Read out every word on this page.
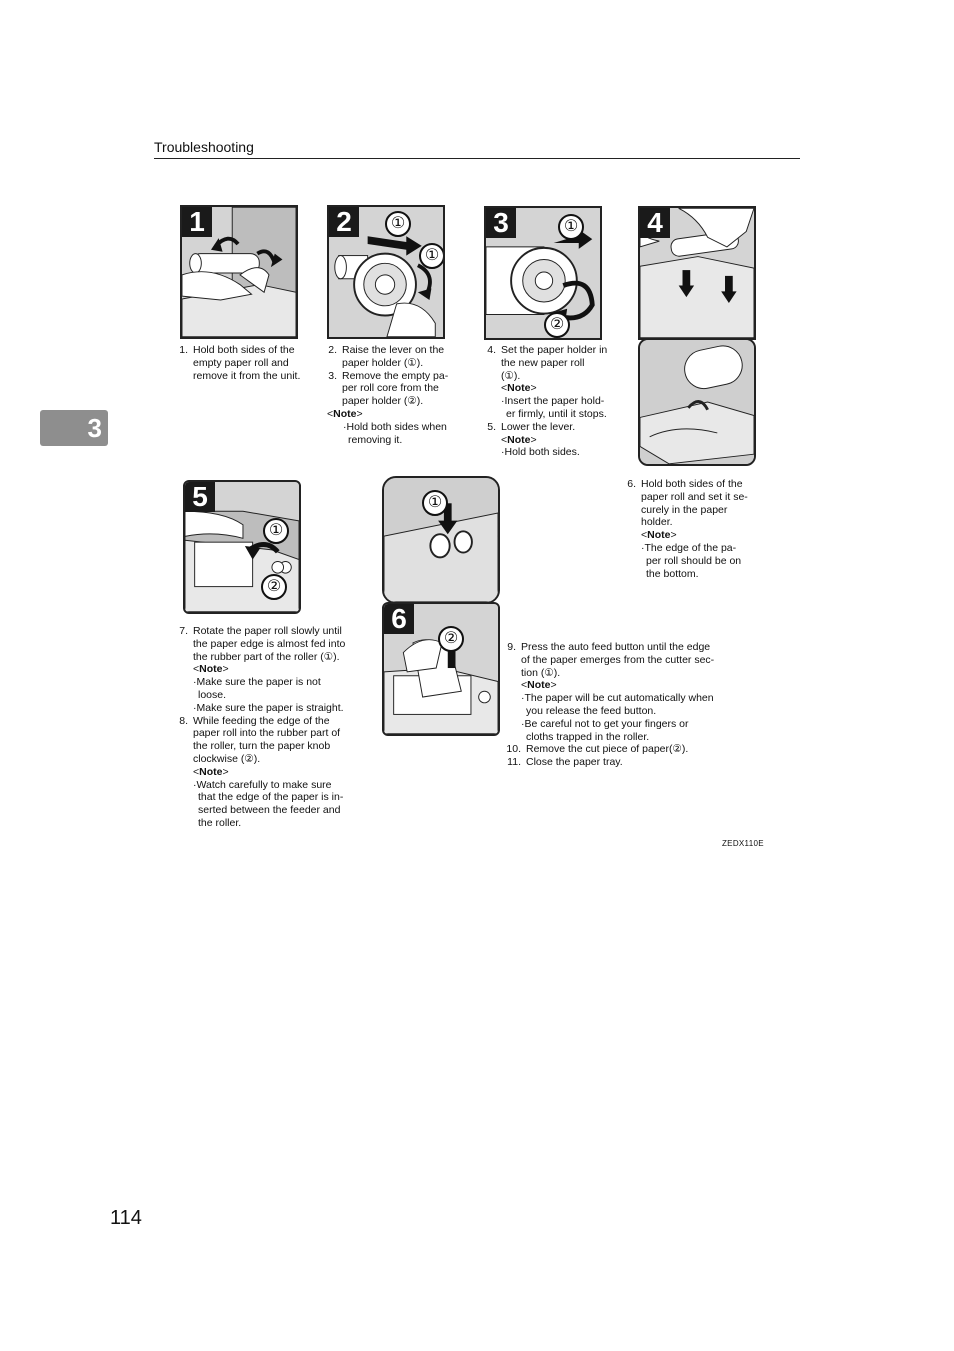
Troubleshooting
3
1	2	①
①
3	①
②
4
5
①
②
①
6
②
1. Hold both sides of the
empty paper roll and
remove it from the unit.
2. Raise the lever on the
paper holder (①).
3. Remove the empty pa-
per roll core from the
paper holder (②).
<Note>
·Hold both sides when
removing it.
4. Set the paper holder in
the new paper roll
(①).
<Note>
·Insert the paper hold-
er firmly, until it stops.
5. Lower the lever.
<Note>
·Hold both sides.
6. Hold both sides of the
paper roll and set it se-
curely in the paper
holder.
<Note>
·The edge of the pa-
per roll should be on
the bottom.
7. Rotate the paper roll slowly until
the paper edge is almost fed into
the rubber part of the roller (①).
<Note>
·Make sure the paper is not
loose.
·Make sure the paper is straight.
8. While feeding the edge of the
paper roll into the rubber part of
the roller, turn the paper knob
clockwise (②).
<Note>
·Watch carefully to make sure
that the edge of the paper is in-
serted between the feeder and
the roller.
9. Press the auto feed button until the edge
of the paper emerges from the cutter sec-
tion (①).
<Note>
·The paper will be cut automatically when
you release the feed button.
·Be careful not to get your fingers or
cloths trapped in the roller.
10. Remove the cut piece of paper(②).
11. Close the paper tray.
ZEDX110E
114
